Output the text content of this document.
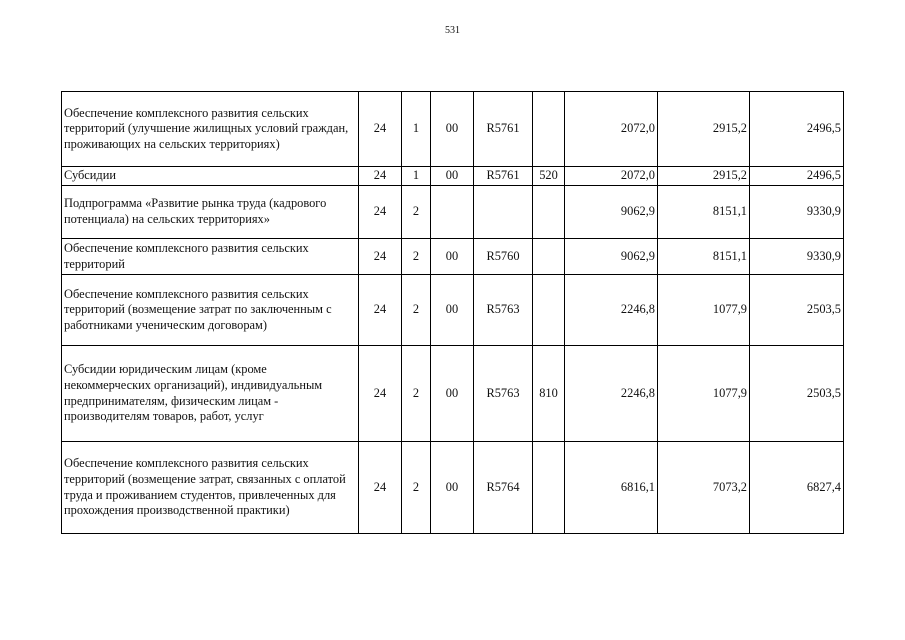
531
Обеспечение комплексного развития сельских территорий (улучшение жилищных условий граждан, проживающих на сельских территориях)	24	1	00	R5761		2072,0	2915,2	2496,5
Субсидии	24	1	00	R5761	520	2072,0	2915,2	2496,5
Подпрограмма «Развитие рынка труда (кадрового потенциала) на сельских территориях»	24	2				9062,9	8151,1	9330,9
Обеспечение комплексного развития сельских территорий	24	2	00	R5760		9062,9	8151,1	9330,9
Обеспечение комплексного развития сельских территорий (возмещение затрат по заключенным с работниками ученическим договорам)	24	2	00	R5763		2246,8	1077,9	2503,5
Субсидии юридическим лицам (кроме некоммерческих организаций), индивидуальным предпринимателям, физическим лицам - производителям товаров, работ, услуг	24	2	00	R5763	810	2246,8	1077,9	2503,5
Обеспечение комплексного развития сельских территорий (возмещение затрат, связанных с оплатой труда и проживанием студентов, привлеченных для прохождения производственной практики)	24	2	00	R5764		6816,1	7073,2	6827,4
